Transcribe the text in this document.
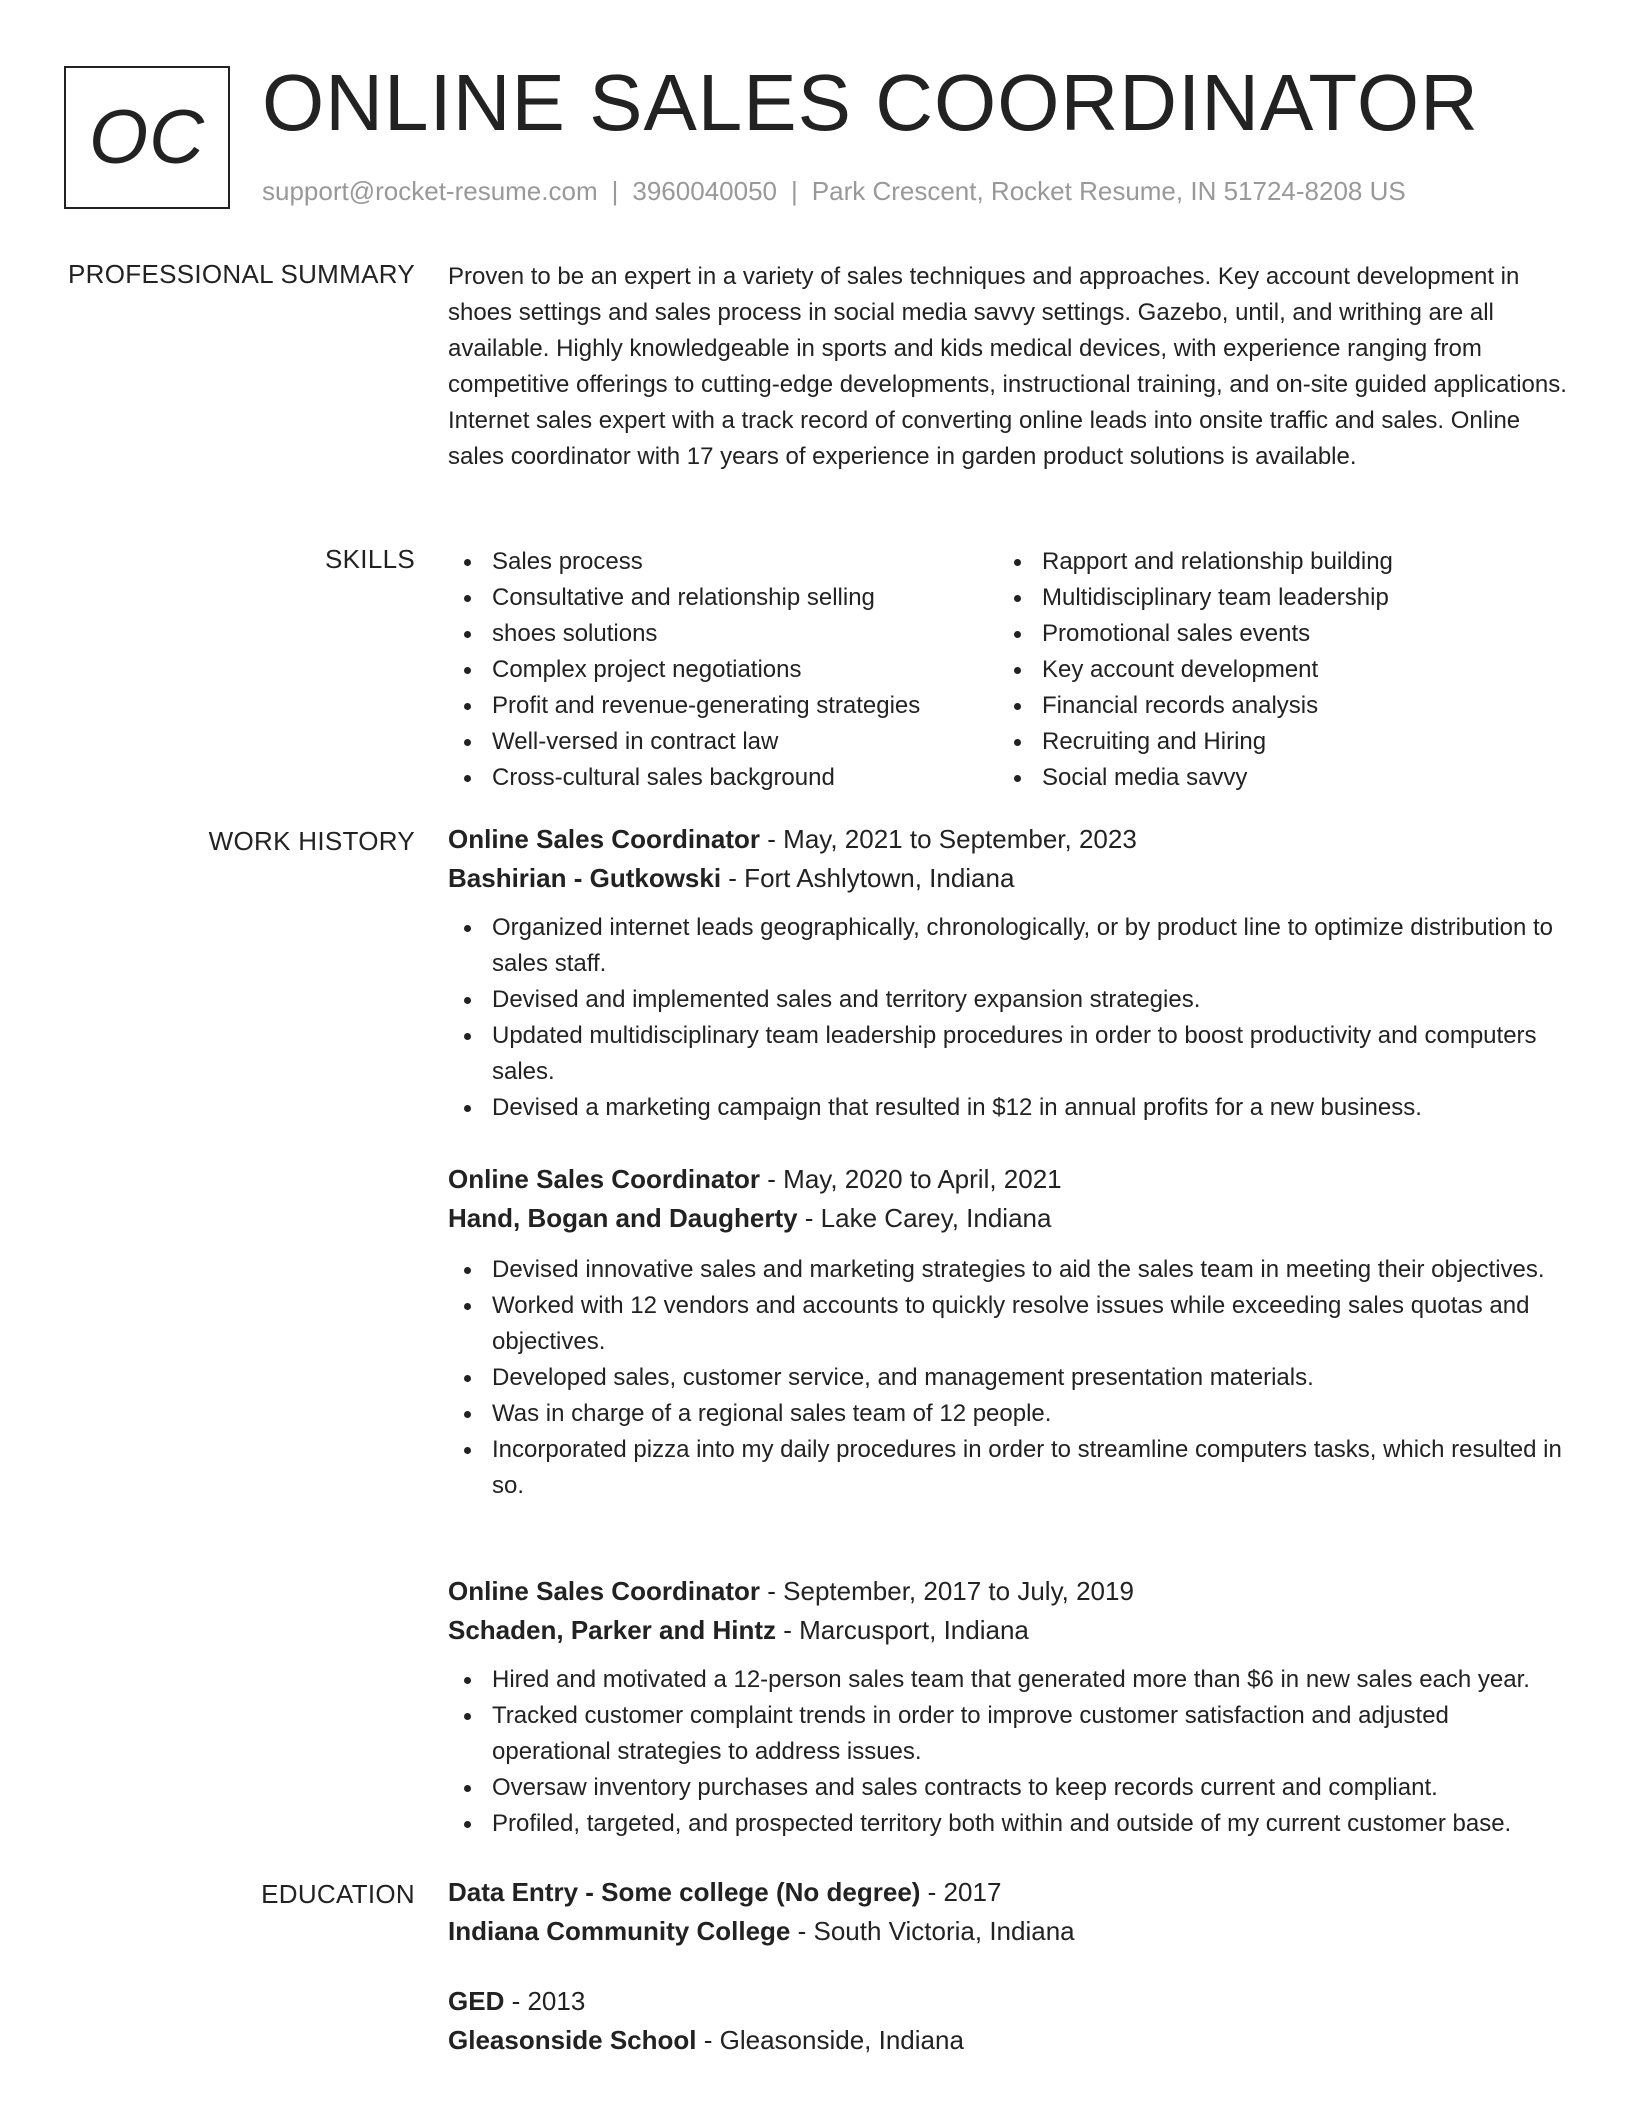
OC ONLINE SALES COORDINATOR
support@rocket-resume.com | 3960040050 | Park Crescent, Rocket Resume, IN 51724-8208 US
PROFESSIONAL SUMMARY Proven to be an expert in a variety of sales techniques and approaches. Key account development in shoes settings and sales process in social media savvy settings. Gazebo, until, and writhing are all available. Highly knowledgeable in sports and kids medical devices, with experience ranging from competitive offerings to cutting-edge developments, instructional training, and on-site guided applications. Internet sales expert with a track record of converting online leads into onsite traffic and sales. Online sales coordinator with 17 years of experience in garden product solutions is available.
SKILLS	Sales process
Consultative and relationship selling
shoes solutions
Complex project negotiations
Profit and revenue-generating strategies
Well-versed in contract law
Cross-cultural sales background
Rapport and relationship building
Multidisciplinary team leadership
Promotional sales events
Key account development
Financial records analysis
Recruiting and Hiring
Social media savvy
WORK HISTORY Online Sales Coordinator - May, 2021 to September, 2023
Bashirian - Gutkowski - Fort Ashlytown, Indiana
Organized internet leads geographically, chronologically, or by product line to optimize distribution to sales staff.
Devised and implemented sales and territory expansion strategies.
Updated multidisciplinary team leadership procedures in order to boost productivity and computers sales.
Devised a marketing campaign that resulted in $12 in annual profits for a new business.
Online Sales Coordinator - May, 2020 to April, 2021
Hand, Bogan and Daugherty - Lake Carey, Indiana
Devised innovative sales and marketing strategies to aid the sales team in meeting their objectives.
Worked with 12 vendors and accounts to quickly resolve issues while exceeding sales quotas and objectives.
Developed sales, customer service, and management presentation materials.
Was in charge of a regional sales team of 12 people.
Incorporated pizza into my daily procedures in order to streamline computers tasks, which resulted in so.
Online Sales Coordinator - September, 2017 to July, 2019
Schaden, Parker and Hintz - Marcusport, Indiana
Hired and motivated a 12-person sales team that generated more than $6 in new sales each year.
Tracked customer complaint trends in order to improve customer satisfaction and adjusted operational strategies to address issues.
Oversaw inventory purchases and sales contracts to keep records current and compliant.
Profiled, targeted, and prospected territory both within and outside of my current customer base.
EDUCATION Data Entry - Some college (No degree) - 2017
Indiana Community College - South Victoria, Indiana
GED - 2013
Gleasonside School - Gleasonside, Indiana
